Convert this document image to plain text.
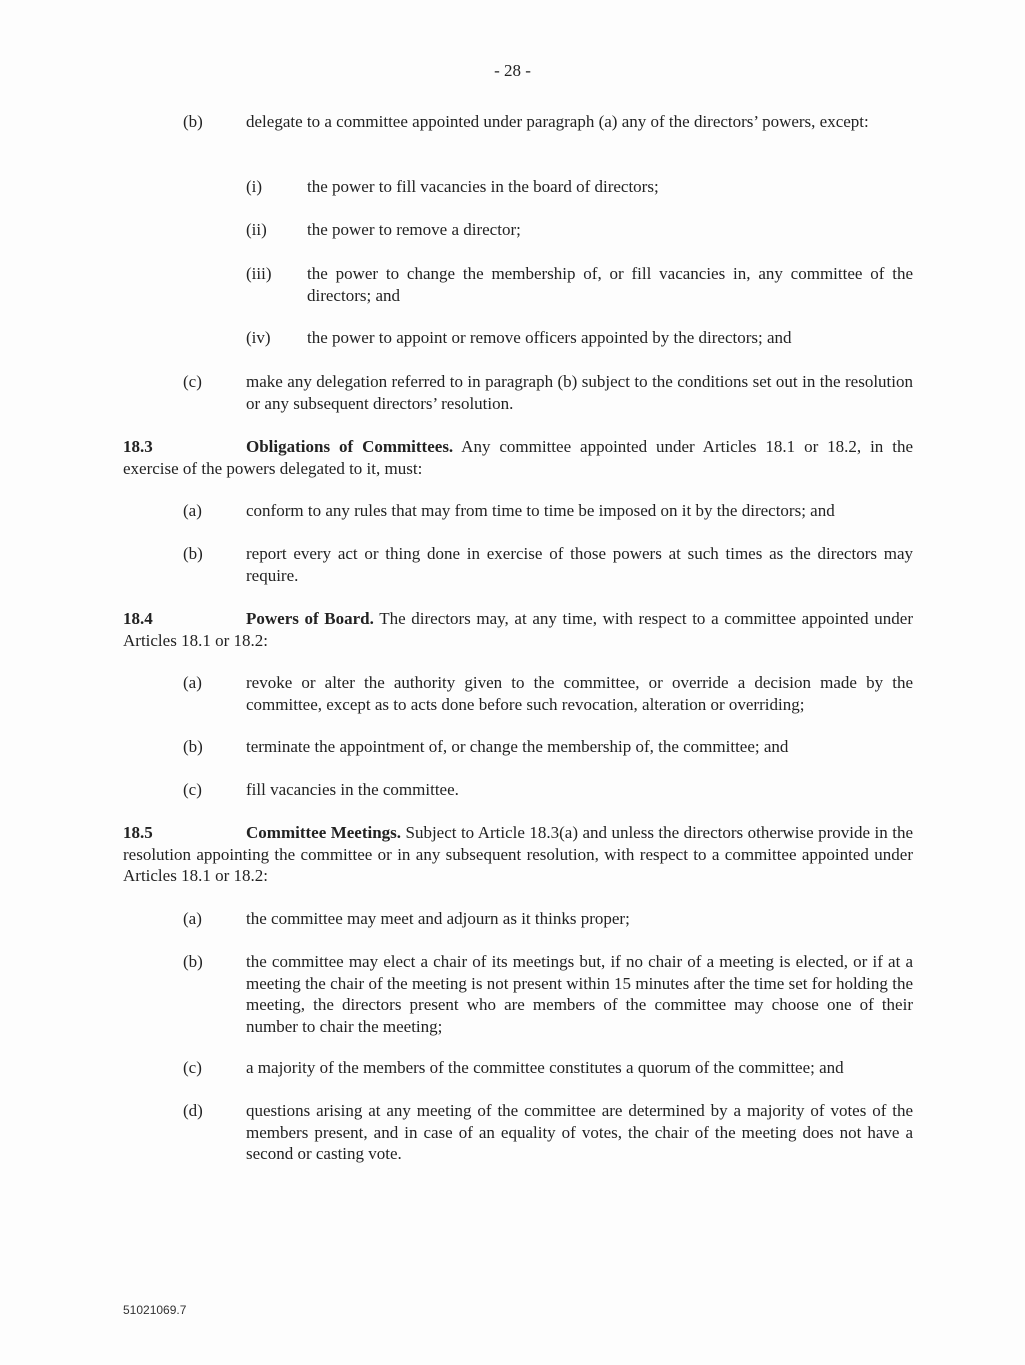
- 28 -
(b)	delegate to a committee appointed under paragraph (a) any of the directors’ powers, except:
(i)	the power to fill vacancies in the board of directors;
(ii) the power to remove a director;
(iii) the power to change the membership of, or fill vacancies in, any committee of the directors; and
(iv) the power to appoint or remove officers appointed by the directors; and
(c)	make any delegation referred to in paragraph (b) subject to the conditions set out in the resolution or any subsequent directors’ resolution.
18.3	Obligations of Committees. Any committee appointed under Articles 18.1 or 18.2, in the exercise of the powers delegated to it, must:
(a)	conform to any rules that may from time to time be imposed on it by the directors; and
(b)	report every act or thing done in exercise of those powers at such times as the directors may require.
18.4	Powers of Board. The directors may, at any time, with respect to a committee appointed under Articles 18.1 or 18.2:
(a)	revoke or alter the authority given to the committee, or override a decision made by the committee, except as to acts done before such revocation, alteration or overriding;
(b)	terminate the appointment of, or change the membership of, the committee; and
(c)	fill vacancies in the committee.
18.5	Committee Meetings. Subject to Article 18.3(a) and unless the directors otherwise provide in the resolution appointing the committee or in any subsequent resolution, with respect to a committee appointed under Articles 18.1 or 18.2:
(a)	the committee may meet and adjourn as it thinks proper;
(b)	the committee may elect a chair of its meetings but, if no chair of a meeting is elected, or if at a meeting the chair of the meeting is not present within 15 minutes after the time set for holding the meeting, the directors present who are members of the committee may choose one of their number to chair the meeting;
(c)	a majority of the members of the committee constitutes a quorum of the committee; and
(d)	questions arising at any meeting of the committee are determined by a majority of votes of the members present, and in case of an equality of votes, the chair of the meeting does not have a second or casting vote.
51021069.7
